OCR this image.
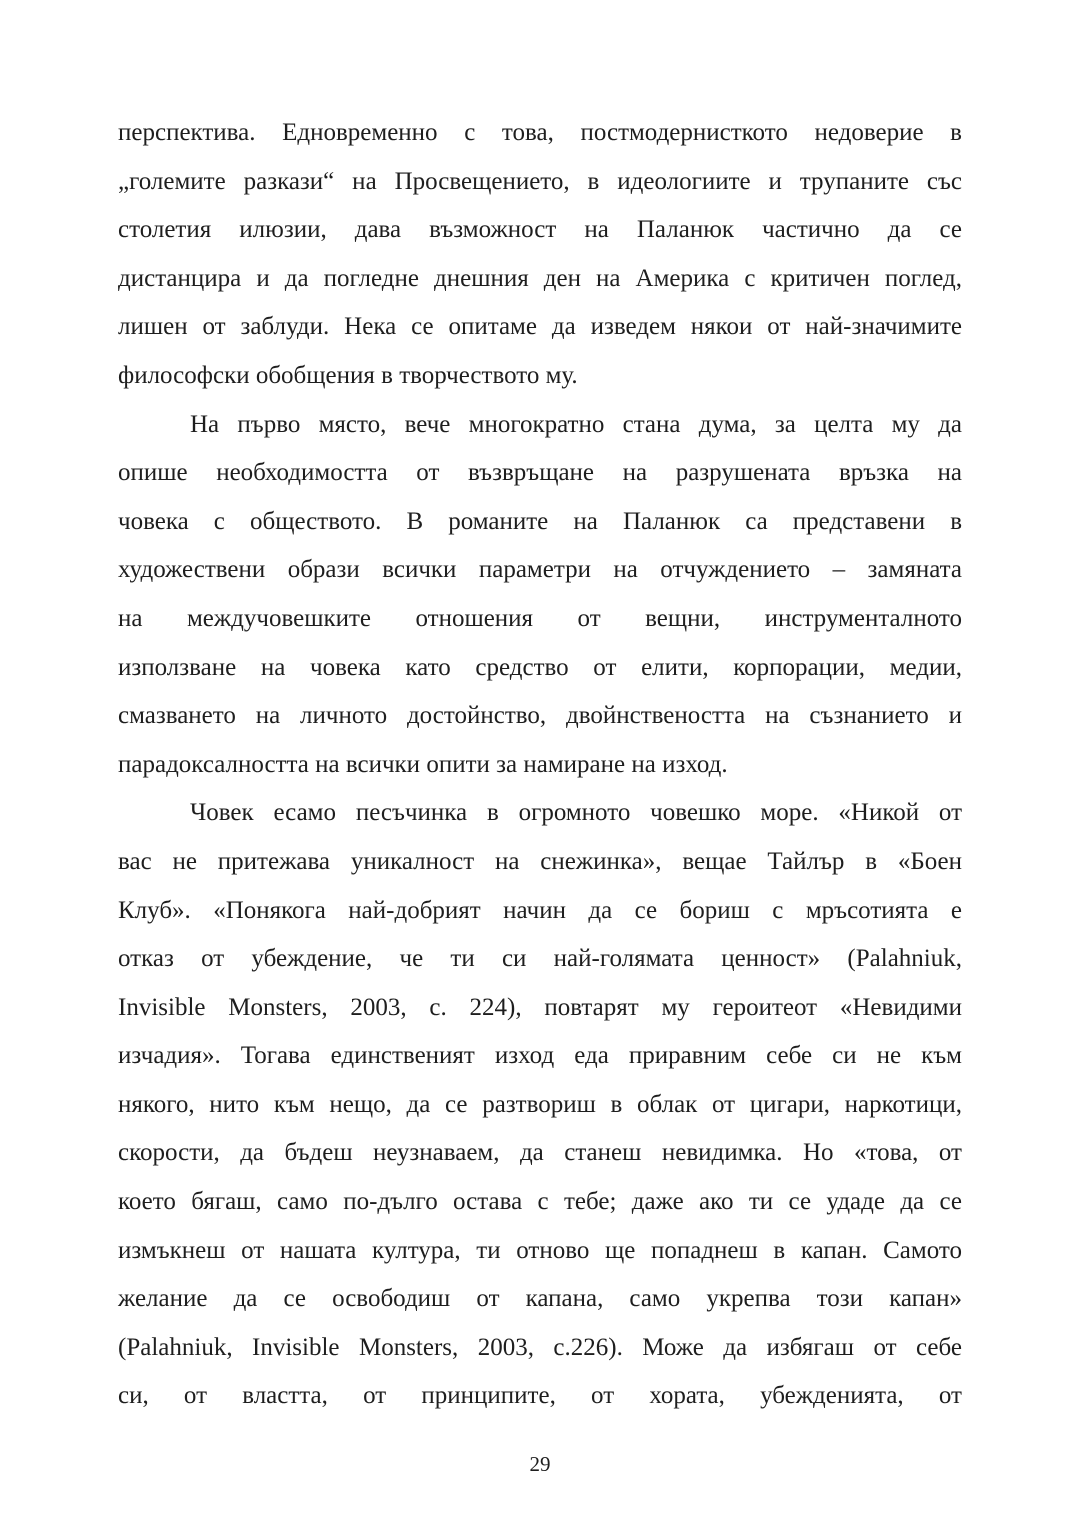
перспектива. Едновременно с това, постмодернисткото недоверие в
„големите разкази“ на Просвещението, в идеологиите и трупаните със
столетия илюзии, дава възможност на Паланюк частично да се
дистанцира и да погледне днешния ден на Америка с критичен поглед,
лишен от заблуди. Нека се опитаме да изведем някои от най-значимите
философски обобщения в творчеството му.
На първо място, вече многократно стана дума, за целта му да
опише необходимостта от възвръщане на разрушената връзка на
човека с обществото. В романите на Паланюк са представени в
художествени образи всички параметри на отчуждението – замяната
на междучовешките отношения от вещни, инструменталното
използване на човека като средство от елити, корпорации, медии,
смазването на личното достойнство, двойнствеността на съзнанието и
парадоксалността на всички опити за намиране на изход.
Човек есамо песъчинка в огромното човешко море. «Никой от
вас не притежава уникалност на снежинка», вещае Тайлър в «Боен
Клуб». «Понякога най-добрият начин да се бориш с мръсотията е
отказ от убеждение, че ти си най-голямата ценност» (Palahniuk,
Invisible Monsters, 2003, с. 224), повтарят му героитеот «Невидими
изчадия». Тогава единственият изход еда приравним себе си не към
някого, нито към нещо, да се разтвориш в облак от цигари, наркотици,
скорости, да бъдеш неузнаваем, да станеш невидимка. Но «това, от
което бягаш, само по-дълго остава с тебе; даже ако ти се удаде да се
измъкнеш от нашата култура, ти отново ще попаднеш в капан. Самото
желание да се освободиш от капана, само укрепва този капан»
(Palahniuk, Invisible Monsters, 2003, с.226). Може да избягаш от себе
си, от властта, от принципите, от хората, убежденията, от
29
